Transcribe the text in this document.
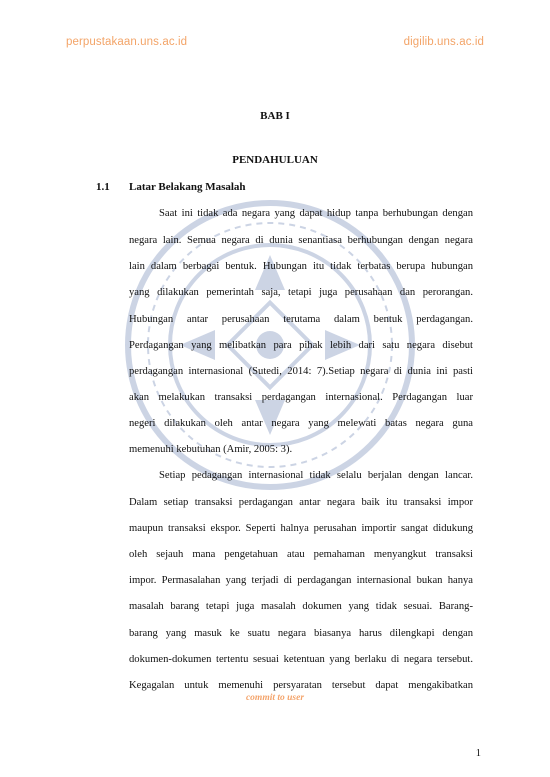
perpustakaan.uns.ac.id	digilib.uns.ac.id
BAB I
PENDAHULUAN
1.1 Latar Belakang Masalah
Saat ini tidak ada negara yang dapat hidup tanpa berhubungan dengan
negara lain. Semua negara di dunia senantiasa berhubungan dengan negara
lain dalam berbagai bentuk. Hubungan itu tidak terbatas berupa hubungan
yang dilakukan pemerintah saja, tetapi juga perusahaan dan perorangan.
Hubungan antar perusahaan terutama dalam bentuk perdagangan.
Perdagangan yang melibatkan para pihak lebih dari satu negara disebut
perdagangan internasional (Sutedi, 2014: 7).Setiap negara di dunia ini pasti
akan melakukan transaksi perdagangan internasional. Perdagangan luar
negeri dilakukan oleh antar negara yang melewati batas negara guna
memenuhi kebutuhan (Amir, 2005: 3).
Setiap pedagangan internasional tidak selalu berjalan dengan lancar.
Dalam setiap transaksi perdagangan antar negara baik itu transaksi impor
maupun transaksi ekspor. Seperti halnya perusahan importir sangat didukung
oleh sejauh mana pengetahuan atau pemahaman menyangkut transaksi
impor. Permasalahan yang terjadi di perdagangan internasional bukan hanya
masalah barang tetapi juga masalah dokumen yang tidak sesuai. Barang-
barang yang masuk ke suatu negara biasanya harus dilengkapi dengan
dokumen-dokumen tertentu sesuai ketentuan yang berlaku di negara tersebut.
Kegagalan untuk memenuhi persyaratan tersebut dapat mengakibatkan
commit to user
1
